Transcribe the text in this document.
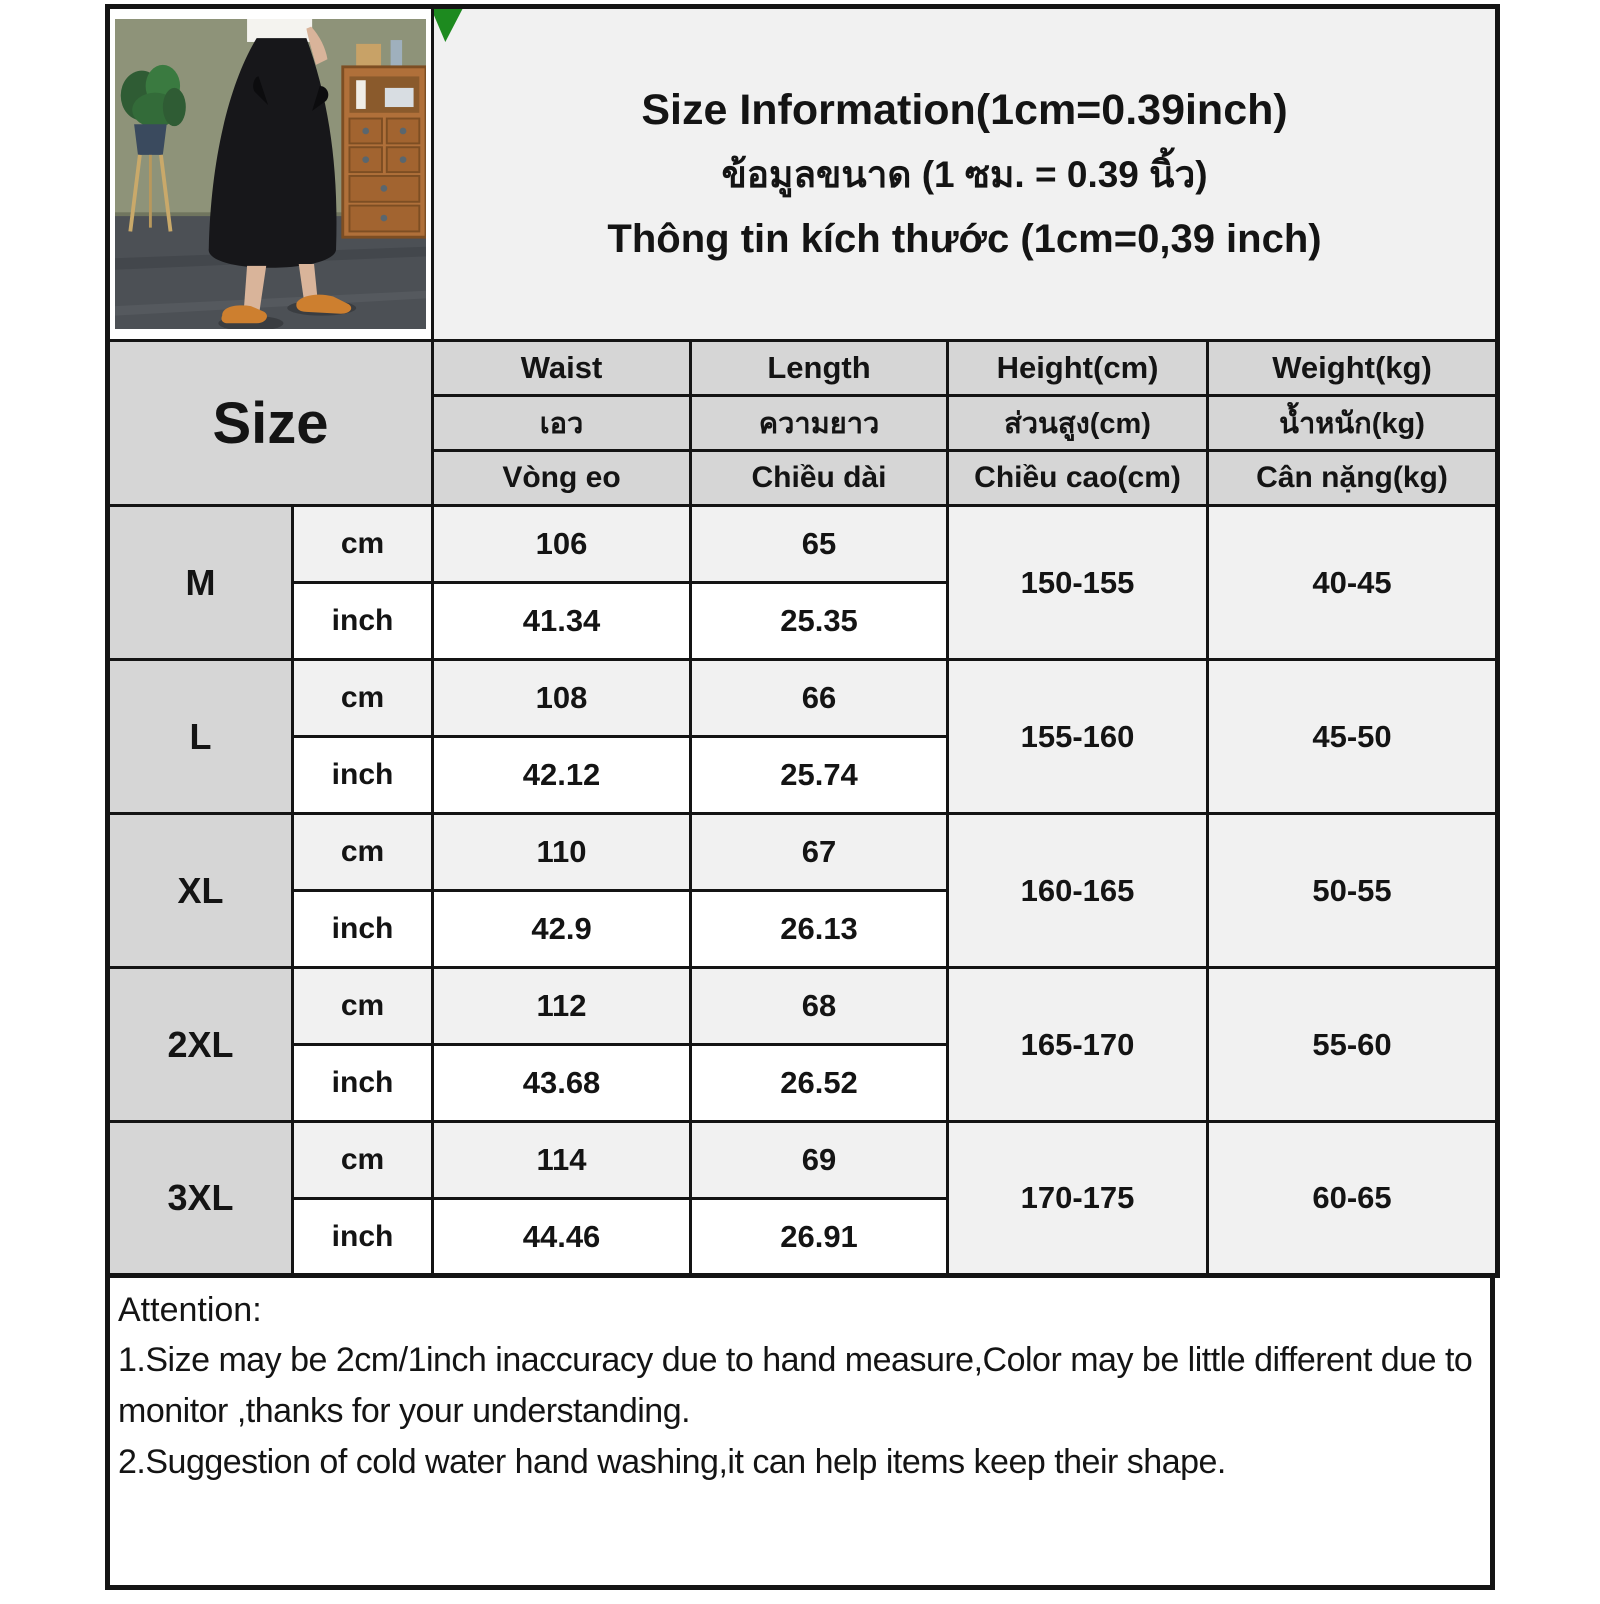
Size Information(1cm=0.39inch)
ข้อมูลขนาด (1 ซม. = 0.39 นิ้ว)
Thông tin kích thước (1cm=0,39 inch)			

Size		Waist	Length	Height(cm)	Weight(kg)
		เอว	ความยาว	ส่วนสูง(cm)	น้ำหนัก(kg)
		Vòng eo	Chiều dài	Chiều cao(cm)	Cân nặng(kg)
M	cm	106	65	150-155	40-45
	inch	41.34	25.35		
L	cm	108	66	155-160	45-50
	inch	42.12	25.74		
XL	cm	110	67	160-165	50-55
	inch	42.9	26.13		
2XL	cm	112	68	165-170	55-60
	inch	43.68	26.52		
3XL	cm	114	69	170-175	60-65
	inch	44.46	26.91		
Attention:

1.Size may be 2cm/1inch inaccuracy due to hand measure,Color may be little different due to monitor ,thanks for your understanding.

2.Suggestion of cold water hand washing,it can help items keep their shape.
